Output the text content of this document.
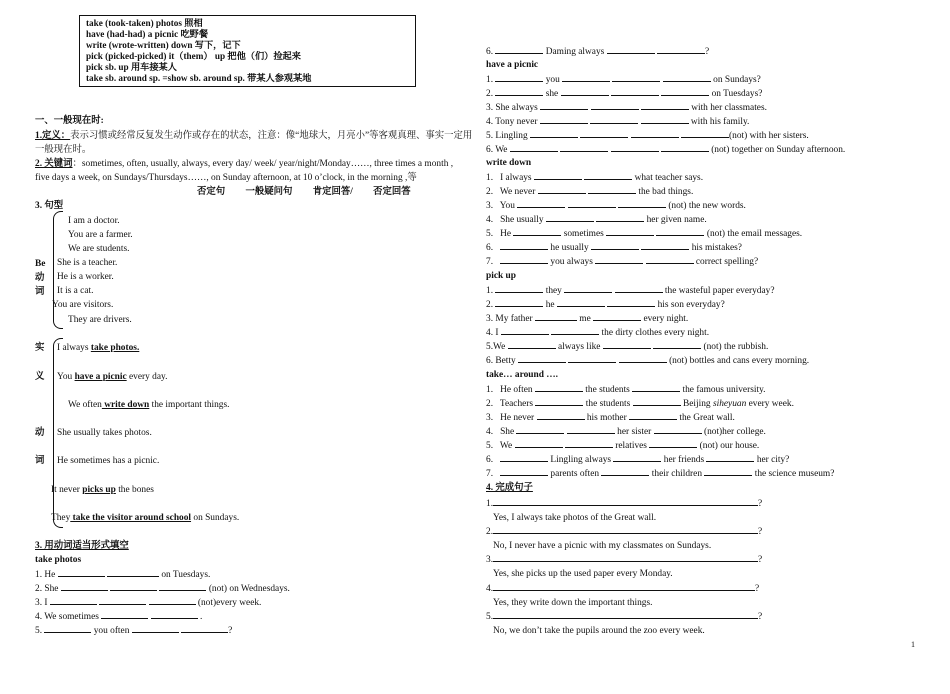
take (took-taken) photos 照相
have (had-had) a picnic 吃野餐
write (wrote-written) down 写下，记下
pick (picked-picked) it（them） up 把他（们）捡起来
pick sb. up 用车接某人
take sb. around sp. =show sb. around sp. 带某人参观某地
一、一般现在时:
1.定义：表示习惯或经常反复发生动作或存在的状态，注意：像“地球大，月亮小”等客观真理、事实一定用
一般现在时。
2. 关键词：sometimes, often, usually, always, every day/ week/ year/night/Monday……, three times a month ,
five days a week, on Sundays/Thursdays……, on Sunday afternoon, at 10 o’clock, in the morning ,等
否定句 一般疑问句 肯定回答/ 否定回答
3. 句型
Be
动
词
I am a doctor.
You are a farmer.
We are students.
She is a teacher.
He is a worker.
It is a cat.
You are visitors.
They are drivers.
实
义
动
词
I always take photos.
You have a picnic every day.
We often write down the important things.
She usually takes photos.
He sometimes has a picnic.
It never picks up the bones
They take the visitor around school on Sundays.
3. 用动词适当形式填空
take photos
1. He	on Tuesdays.
2. She	(not) on Wednesdays.
3. I	(not)every week.
4. We sometimes	.
5.	you often	?
6.	Daming always	?
have a picnic
1.	you	on Sundays?
2.	she	on Tuesdays?
3. She always	with her classmates.
4. Tony never	with his family.
5. Lingling	(not) with her sisters.
6. We	(not) together on Sunday afternoon.
write down
1. I always	what teacher says.
2. We never	the bad things.
3. You	(not) the new words.
4. She usually	her given name.
5. He	sometimes	(not) the email messages.
6.	he usually	his mistakes?
7.	you always	correct spelling?
pick up
1.	they	the wasteful paper everyday?
2.	he	his son everyday?
3. My father	me	every night.
4. I	the dirty clothes every night.
5.We	always like	(not) the rubbish.
6. Betty	(not) bottles and cans every morning.
take… around ….
1. He often	the students	the famous university.
2. Teachers	the students	Beijing siheyuan every week.
3. He never	his mother	the Great wall.
4. She	her sister	(not)her college.
5. We	relatives	(not) our house.
6.	Lingling always	her friends	her city?
7.	parents often	their children	the science museum?
4. 完成句子
1.	?
Yes, I always take photos of the Great wall.
2.	?
No, I never have a picnic with my classmates on Sundays.
3.	?
Yes, she picks up the used paper every Monday.
4.	?
Yes, they write down the important things.
5.	?
No, we don’t take the pupils around the zoo every week.
1
